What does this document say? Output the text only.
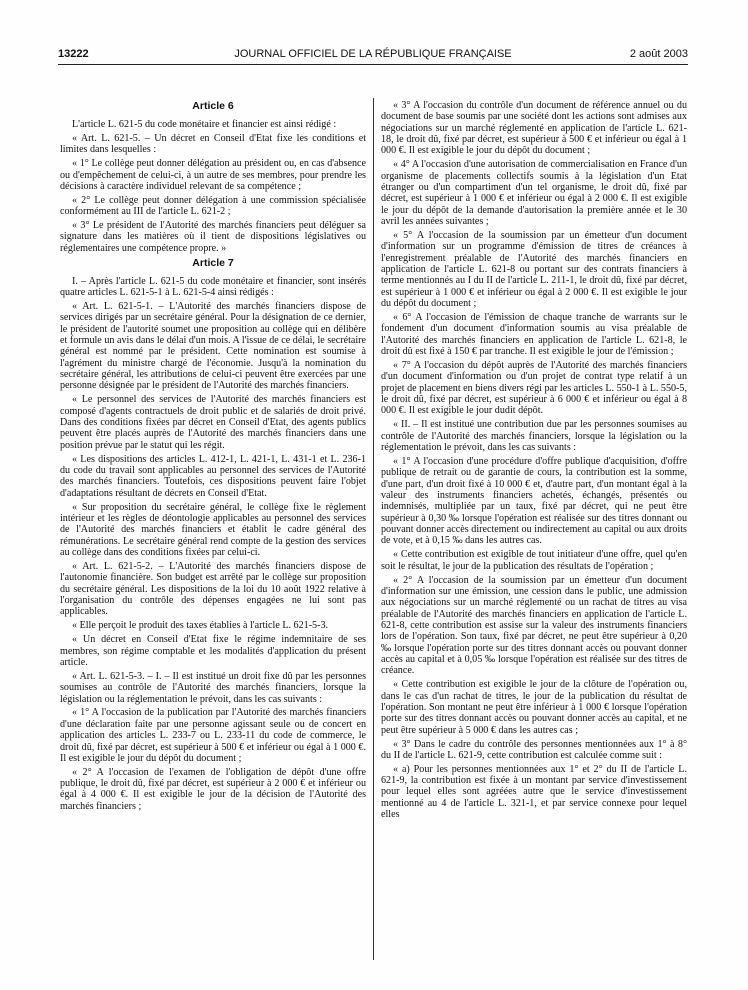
13222	JOURNAL OFFICIEL DE LA RÉPUBLIQUE FRANÇAISE	2 août 2003
Article 6

L'article L. 621-5 du code monétaire et financier est ainsi rédigé :

« Art. L. 621-5. – Un décret en Conseil d'Etat fixe les conditions et limites dans lesquelles :

« 1° Le collège peut donner délégation au président ou, en cas d'absence ou d'empêchement de celui-ci, à un autre de ses membres, pour prendre les décisions à caractère individuel relevant de sa compétence ;

« 2° Le collège peut donner délégation à une commission spécialisée conformément au III de l'article L. 621-2 ;

« 3° Le président de l'Autorité des marchés financiers peut déléguer sa signature dans les matières où il tient de dispositions législatives ou réglementaires une compétence propre. »

Article 7

I. – Après l'article L. 621-5 du code monétaire et financier, sont insérés quatre articles L. 621-5-1 à L. 621-5-4 ainsi rédigés :

« Art. L. 621-5-1. – L'Autorité des marchés financiers dispose de services dirigés par un secrétaire général. Pour la désignation de ce dernier, le président de l'autorité soumet une proposition au collège qui en délibère et formule un avis dans le délai d'un mois. A l'issue de ce délai, le secrétaire général est nommé par le président. Cette nomination est soumise à l'agrément du ministre chargé de l'économie. Jusqu'à la nomination du secrétaire général, les attributions de celui-ci peuvent être exercées par une personne désignée par le président de l'Autorité des marchés financiers.

« Le personnel des services de l'Autorité des marchés financiers est composé d'agents contractuels de droit public et de salariés de droit privé. Dans des conditions fixées par décret en Conseil d'Etat, des agents publics peuvent être placés auprès de l'Autorité des marchés financiers dans une position prévue par le statut qui les régit.

« Les dispositions des articles L. 412-1, L. 421-1, L. 431-1 et L. 236-1 du code du travail sont applicables au personnel des services de l'Autorité des marchés financiers. Toutefois, ces dispositions peuvent faire l'objet d'adaptations résultant de décrets en Conseil d'Etat.

« Sur proposition du secrétaire général, le collège fixe le règlement intérieur et les règles de déontologie applicables au personnel des services de l'Autorité des marchés financiers et établit le cadre général des rémunérations. Le secrétaire général rend compte de la gestion des services au collège dans des conditions fixées par celui-ci.

« Art. L. 621-5-2. – L'Autorité des marchés financiers dispose de l'autonomie financière. Son budget est arrêté par le collège sur proposition du secrétaire général. Les dispositions de la loi du 10 août 1922 relative à l'organisation du contrôle des dépenses engagées ne lui sont pas applicables.

« Elle perçoit le produit des taxes établies à l'article L. 621-5-3.

« Un décret en Conseil d'Etat fixe le régime indemnitaire de ses membres, son régime comptable et les modalités d'application du présent article.

« Art. L. 621-5-3. – I. – Il est institué un droit fixe dû par les personnes soumises au contrôle de l'Autorité des marchés financiers, lorsque la législation ou la réglementation le prévoit, dans les cas suivants :

« 1° A l'occasion de la publication par l'Autorité des marchés financiers d'une déclaration faite par une personne agissant seule ou de concert en application des articles L. 233-7 ou L. 233-11 du code de commerce, le droit dû, fixé par décret, est supérieur à 500 € et inférieur ou égal à 1 000 €. Il est exigible le jour du dépôt du document ;

« 2° A l'occasion de l'examen de l'obligation de dépôt d'une offre publique, le droit dû, fixé par décret, est supérieur à 2 000 € et inférieur ou égal à 4 000 €. Il est exigible le jour de la décision de l'Autorité des marchés financiers ;

« 3° A l'occasion du contrôle d'un document de référence annuel ou du document de base soumis par une société dont les actions sont admises aux négociations sur un marché réglementé en application de l'article L. 621-18, le droit dû, fixé par décret, est supérieur à 500 € et inférieur ou égal à 1 000 €. Il est exigible le jour du dépôt du document ;

« 4° A l'occasion d'une autorisation de commercialisation en France d'un organisme de placements collectifs soumis à la législation d'un Etat étranger ou d'un compartiment d'un tel organisme, le droit dû, fixé par décret, est supérieur à 1 000 € et inférieur ou égal à 2 000 €. Il est exigible le jour du dépôt de la demande d'autorisation la première année et le 30 avril les années suivantes ;

« 5° A l'occasion de la soumission par un émetteur d'un document d'information sur un programme d'émission de titres de créances à l'enregistrement préalable de l'Autorité des marchés financiers en application de l'article L. 621-8 ou portant sur des contrats financiers à terme mentionnés au I du II de l'article L. 211-1, le droit dû, fixé par décret, est supérieur à 1 000 € et inférieur ou égal à 2 000 €. Il est exigible le jour du dépôt du document ;

« 6° A l'occasion de l'émission de chaque tranche de warrants sur le fondement d'un document d'information soumis au visa préalable de l'Autorité des marchés financiers en application de l'article L. 621-8, le droit dû est fixé à 150 € par tranche. Il est exigible le jour de l'émission ;

« 7° A l'occasion du dépôt auprès de l'Autorité des marchés financiers d'un document d'information ou d'un projet de contrat type relatif à un projet de placement en biens divers régi par les articles L. 550-1 à L. 550-5, le droit dû, fixé par décret, est supérieur à 6 000 € et inférieur ou égal à 8 000 €. Il est exigible le jour dudit dépôt.

« II. – Il est institué une contribution due par les personnes soumises au contrôle de l'Autorité des marchés financiers, lorsque la législation ou la réglementation le prévoit, dans les cas suivants :

« 1° A l'occasion d'une procédure d'offre publique d'acquisition, d'offre publique de retrait ou de garantie de cours, la contribution est la somme, d'une part, d'un droit fixé à 10 000 € et, d'autre part, d'un montant égal à la valeur des instruments financiers achetés, échangés, présentés ou indemnisés, multipliée par un taux, fixé par décret, qui ne peut être supérieur à 0,30 ‰ lorsque l'opération est réalisée sur des titres donnant ou pouvant donner accès directement ou indirectement au capital ou aux droits de vote, et à 0,15 ‰ dans les autres cas.

« Cette contribution est exigible de tout initiateur d'une offre, quel qu'en soit le résultat, le jour de la publication des résultats de l'opération ;

« 2° A l'occasion de la soumission par un émetteur d'un document d'information sur une émission, une cession dans le public, une admission aux négociations sur un marché réglementé ou un rachat de titres au visa préalable de l'Autorité des marchés financiers en application de l'article L. 621-8, cette contribution est assise sur la valeur des instruments financiers lors de l'opération. Son taux, fixé par décret, ne peut être supérieur à 0,20 ‰ lorsque l'opération porte sur des titres donnant accès ou pouvant donner accès au capital et à 0,05 ‰ lorsque l'opération est réalisée sur des titres de créance.

« Cette contribution est exigible le jour de la clôture de l'opération ou, dans le cas d'un rachat de titres, le jour de la publication du résultat de l'opération. Son montant ne peut être inférieur à 1 000 € lorsque l'opération porte sur des titres donnant accès ou pouvant donner accès au capital, et ne peut être supérieur à 5 000 € dans les autres cas ;

« 3° Dans le cadre du contrôle des personnes mentionnées aux 1° à 8° du II de l'article L. 621-9, cette contribution est calculée comme suit :

« a) Pour les personnes mentionnées aux 1° et 2° du II de l'article L. 621-9, la contribution est fixée à un montant par service d'investissement pour lequel elles sont agréées autre que le service d'investissement mentionné au 4 de l'article L. 321-1, et par service connexe pour lequel elles
